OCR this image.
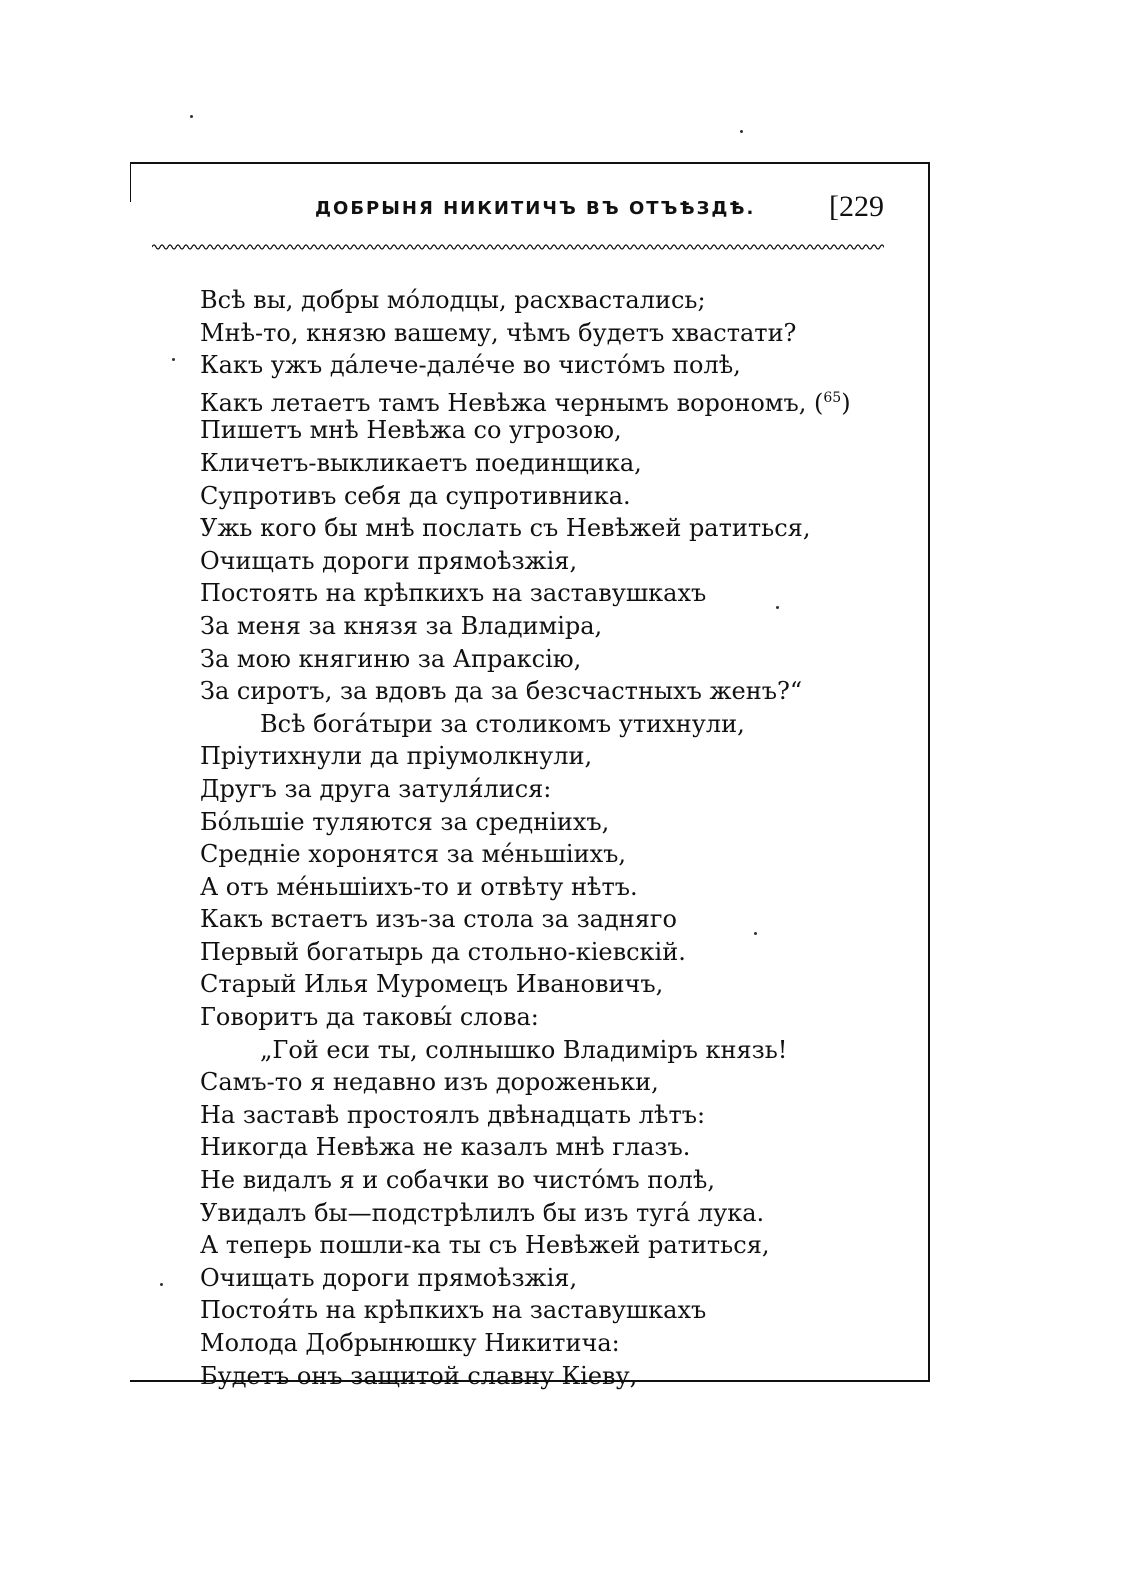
ДОБРЫНЯ НИКИТИЧЪ ВЪ ОТЪѢЗДѢ. [229
Всѣ вы, добры мо́лодцы, расхвастались;
Мнѣ-то, князю вашему, чѣмъ будетъ хвастати?
Какъ ужъ да́лече-дале́че во чисто́мъ полѣ,
Какъ летаетъ тамъ Невѣжа чернымъ ворономъ, ($^{65}$)
Пишетъ мнѣ Невѣжа со угрозою,
Кличетъ-выкликаетъ поединщика,
Супротивъ себя да супротивника.
Ужь кого бы мнѣ послать съ Невѣжей ратиться,
Очищать дороги прямоѣзжiя,
Постоять на крѣпкихъ на заставушкахъ
За меня за князя за Владимiра,
За мою княгиню за Апраксiю,
За сиротъ, за вдовъ да за безсчастныхъ женъ?“
Всѣ бога́тыри за столикомъ утихнули,
Прiутихнули да прiумолкнули,
Другъ за друга затуля́лися:
Бо́льшiе туляются за среднiихъ,
Среднiе хоронятся за ме́ньшiихъ,
А отъ ме́ньшiихъ-то и отвѣту нѣтъ.
Какъ встаетъ изъ-за стола за задняго
Первый богатырь да стольно-кiевскiй.
Старый Илья Муромецъ Ивановичъ,
Говоритъ да таковы́ слова:
„Гой еси ты, солнышко Владимiръ князь!
Самъ-то я недавно изъ дороженьки,
На заставѣ простоялъ двѣнадцать лѣтъ:
Никогда Невѣжа не казалъ мнѣ глазъ.
Не видалъ я и собачки во чисто́мъ полѣ,
Увидалъ бы—подстрѣлилъ бы изъ туга́ лука.
А теперь пошли-ка ты съ Невѣжей ратиться,
Очищать дороги прямоѣзжiя,
Постоя́ть на крѣпкихъ на заставушкахъ
Молода Добрынюшку Никитича:
Будетъ онъ защитой славну Кiеву,
